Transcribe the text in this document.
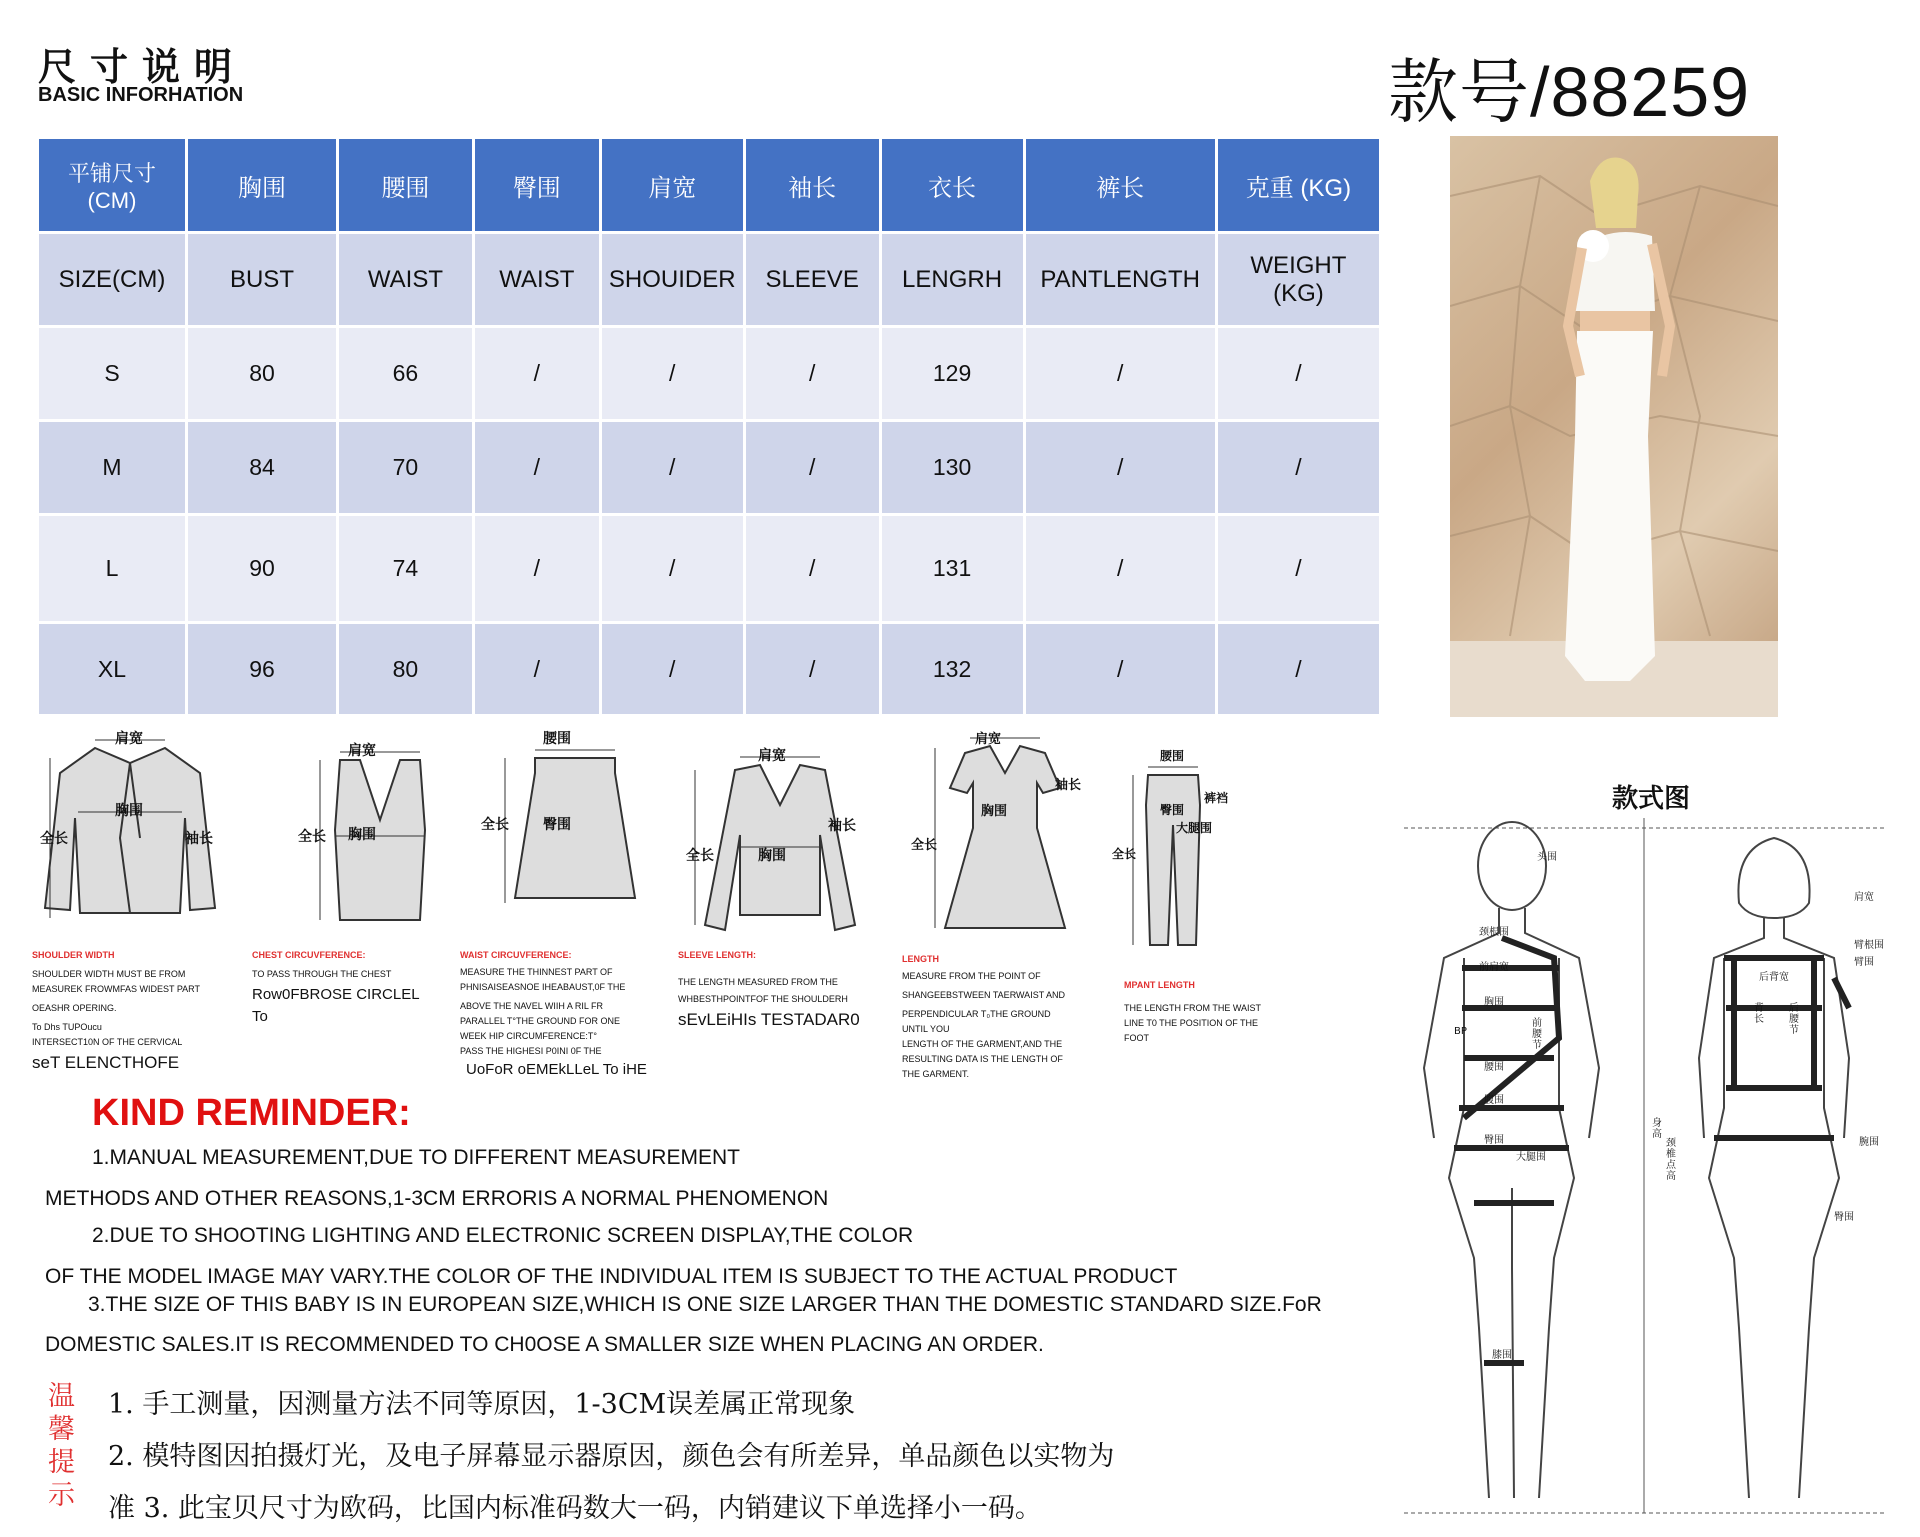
尺寸说明
BASIC INFORHATION	款号/88259
平铺尺寸
(CM)	胸围	腰围	臀围	肩宽	袖长	衣长	裤长	克重 (KG)
SIZE(CM)	BUST	WAIST	WAIST	SHOUIDER	SLEEVE	LENGRH	PANTLENGTH	WEIGHT
(KG)

S	80	66	/	/	/	129	/	/
M	84	70	/	/	/	130	/	/
L	90	74	/	/	/	131	/	/
XL	96	80	/	/	/	132	/	/
肩宽
胸围
全长	袖长
肩宽
全长 胸围
腰围
全长 臀围
肩宽
全长	胸围
袖长
肩宽
袖长
胸围
全长
腰围
臀围
全长
大腿围
裤裆
SHOULDER WIDTH
SHOULDER WIDTH MUST BE FROM
MEASUREK FROWMFAS WIDEST PART
OEASHR OPERING.
To Dhs TUPOucu
INTERSECT10N OF THE CERVICAL
seT ELENCTHOFE
CHEST CIRCUVFERENCE:
TO PASS THROUGH THE CHEST
Row0FBROSE CIRCLEL
To
WAIST CIRCUVFERENCE:
MEASURE THE THINNEST PART OF
PHNISAISEASNOE IHEABAUST,0F THE
ABOVE THE NAVEL WIIH A RIL FR
PARALLEL T°THE GROUND FOR ONE
WEEK HIP CIRCUMFERENCE:T°
PASS THE HIGHESI P0INI 0F THE
UoFoR oEMEkLLeL To iHE
SLEEVE LENGTH:
THE LENGTH MEASURED FROM THE
WHBESTHPOINTFOF THE SHOULDERH
sEvLEiHIs TESTADAR0
LENGTH
MEASURE FROM THE POINT OF
SHANGEEBSTWEEN TAERWAIST AND
PERPENDICULAR T₀THE GROUND
UNTIL YOU
LENGTH OF THE GARMENT,AND THE
RESULTING DATA IS THE LENGTH OF
THE GARMENT.
MPANT LENGTH
THE LENGTH FROM THE WAIST
LINE T0 THE POSITION OF THE
FOOT
KIND REMINDER:
1.MANUAL MEASUREMENT,DUE TO DIFFERENT MEASUREMENT
METHODS AND OTHER REASONS,1-3CM ERRORIS A NORMAL PHENOMENON
2.DUE TO SHOOTING LIGHTING AND ELECTRONIC SCREEN DISPLAY,THE COLOR
OF THE MODEL IMAGE MAY VARY.THE COLOR OF THE INDIVIDUAL ITEM IS SUBJECT TO THE ACTUAL PRODUCT
3.THE SIZE OF THIS BABY IS IN EUROPEAN SIZE,WHICH IS ONE SIZE LARGER THAN THE DOMESTIC STANDARD SIZE.FoR
DOMESTIC SALES.IT IS RECOMMENDED TO CH0OSE A SMALLER SIZE WHEN PLACING AN ORDER.
温馨提示
1. 手工测量，因测量方法不同等原因，1-3CM误差属正常现象
2. 模特图因拍摄灯光，及电子屏幕显示器原因，颜色会有所差异，单品颜色以实物为
准 3. 此宝贝尺寸为欧码，比国内标准码数大一码，内销建议下单选择小一码。
款式图
头围
颈根围
前肩宽
胸围
BP
腰围
前腰节
腹围
臀围
大腿围
膝围
肩宽
臂根围
臂围
后背宽
背长
后腰节
身高
颈椎点高
腕围
臀围
